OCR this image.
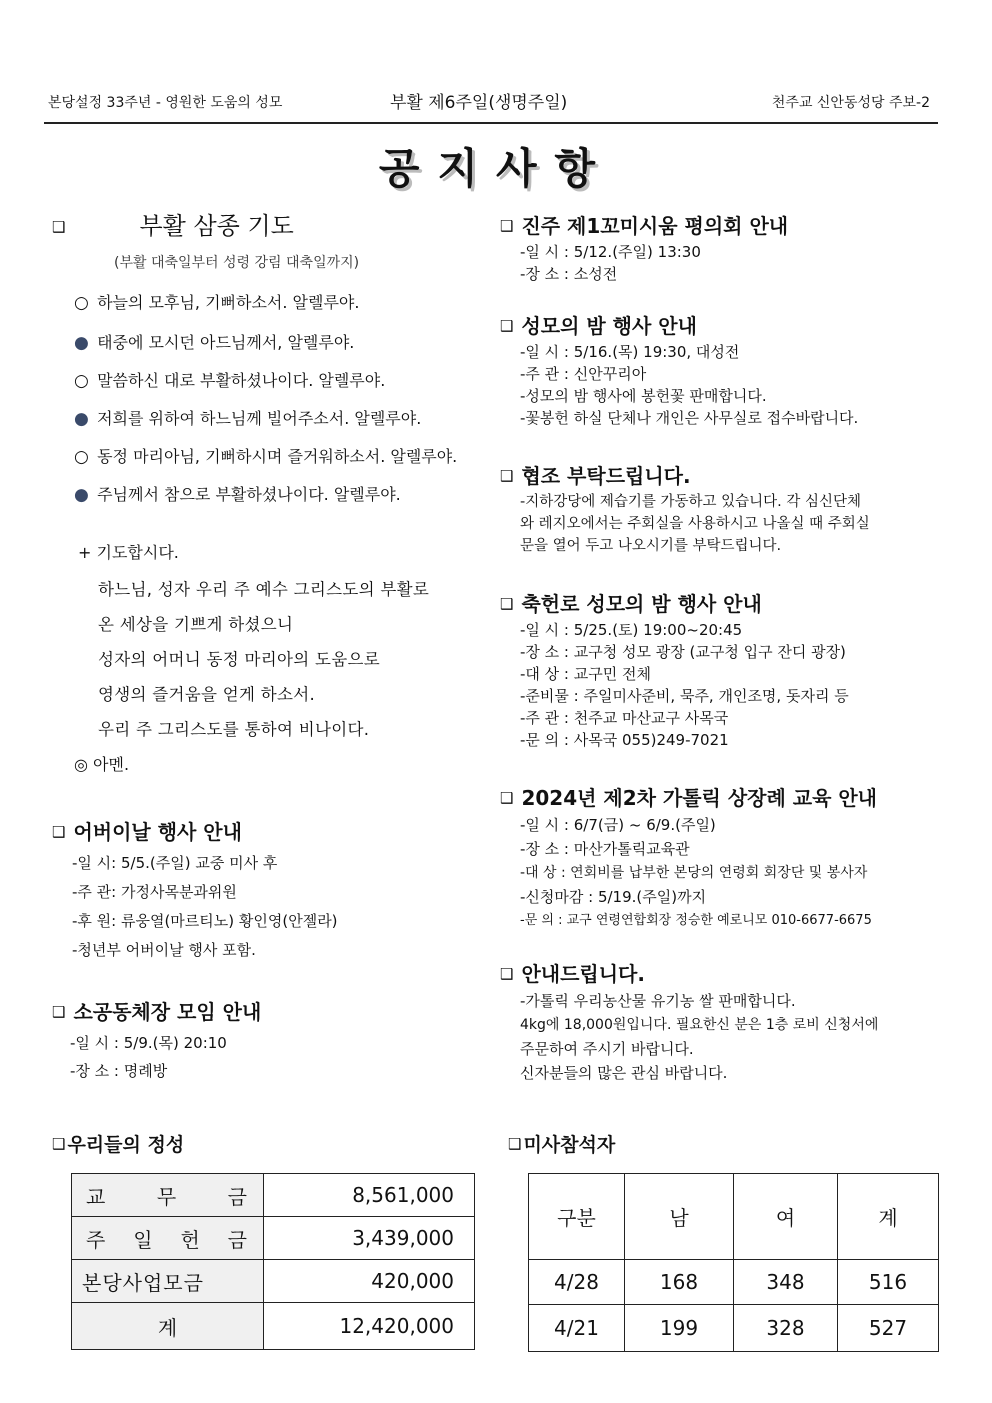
본당설정 33주년 - 영원한 도움의 성모	부활 제6주일(생명주일)	천주교 신안동성당 주보-2
공지사항
❑	부활 삼종 기도
(부활 대축일부터 성령 강림 대축일까지)
○ 하늘의 모후님, 기뻐하소서. 알렐루야.
● 태중에 모시던 아드님께서, 알렐루야.
○ 말씀하신 대로 부활하셨나이다. 알렐루야.
● 저희를 위하여 하느님께 빌어주소서. 알렐루야.
○ 동정 마리아님, 기뻐하시며 즐거워하소서. 알렐루야.
● 주님께서 참으로 부활하셨나이다. 알렐루야.
+ 기도합시다.
하느님, 성자 우리 주 예수 그리스도의 부활로
온 세상을 기쁘게 하셨으니
성자의 어머니 동정 마리아의 도움으로
영생의 즐거움을 얻게 하소서.
우리 주 그리스도를 통하여 비나이다.
◎ 아멘.
❑ 어버이날 행사 안내
-일 시: 5/5.(주일) 교중 미사 후
-주 관: 가정사목분과위원
-후 원: 류웅열(마르티노) 황인영(안젤라)
-청년부 어버이날 행사 포함.
❑ 소공동체장 모임 안내
-일 시 : 5/9.(목) 20:10
-장 소 : 명례방
❑ 진주 제1꼬미시움 평의회 안내
-일 시 : 5/12.(주일) 13:30
-장 소 : 소성전
❑ 성모의 밤 행사 안내
-일 시 : 5/16.(목) 19:30, 대성전
-주 관 : 신안꾸리아
-성모의 밤 행사에 봉헌꽃 판매합니다.
-꽃봉헌 하실 단체나 개인은 사무실로 접수바랍니다.
❑ 협조 부탁드립니다.
-지하강당에 제습기를 가동하고 있습니다. 각 심신단체
와 레지오에서는 주회실을 사용하시고 나올실 때 주회실
문을 열어 두고 나오시기를 부탁드립니다.
❑ 축헌로 성모의 밤 행사 안내
-일 시 : 5/25.(토) 19:00~20:45
-장 소 : 교구청 성모 광장 (교구청 입구 잔디 광장)
-대 상 : 교구민 전체
-준비물 : 주일미사준비, 묵주, 개인조명, 돗자리 등
-주 관 : 천주교 마산교구 사목국
-문 의 : 사목국 055)249-7021
❑ 2024년 제2차 가톨릭 상장례 교육 안내
-일 시 : 6/7(금) ~ 6/9.(주일)
-장 소 : 마산가톨릭교육관
-대 상 : 연회비를 납부한 본당의 연령회 회장단 및 봉사자
-신청마감 : 5/19.(주일)까지
-문 의 : 교구 연령연합회장 정승한 예로니모 010-6677-6675
❑ 안내드립니다.
-가톨릭 우리농산물 유기농 쌀 판매합니다.
4kg에 18,000원입니다. 필요한신 분은 1층 로비 신청서에
주문하여 주시기 바랍니다.
신자분들의 많은 관심 바랍니다.
❑ 우리들의 정성
교 무 금	8,561,000
주 일 헌 금	3,439,000
본당사업모금	420,000
계	12,420,000
❑ 미사참석자
구분	남	여	계
4/28	168	348	516
4/21	199	328	527
